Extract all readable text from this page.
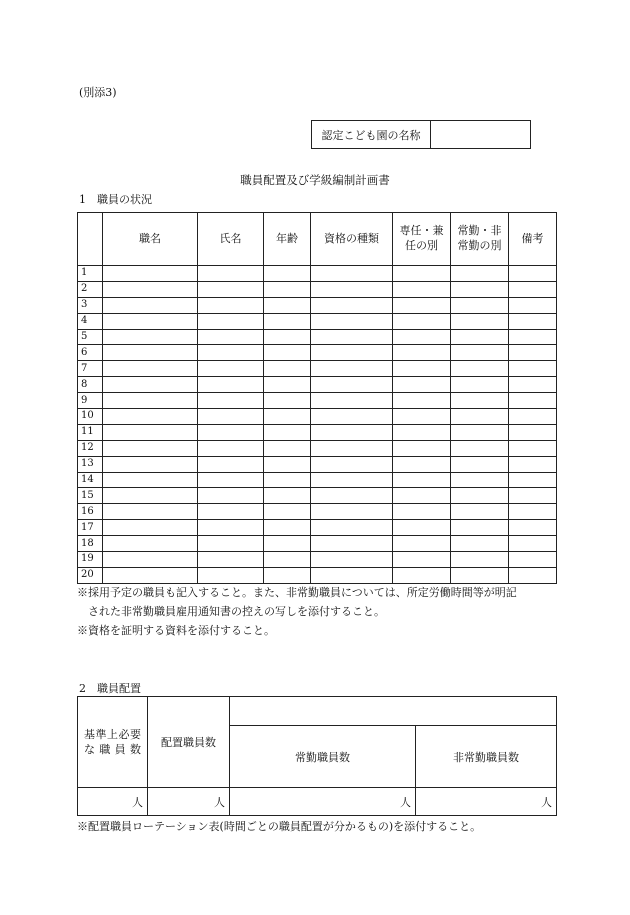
(別添3)
認定こども園の名称	
職員配置及び学級編制計画書
1　職員の状況
	職名	氏名	年齢	資格の種類	専任・兼任の別	常勤・非常勤の別	備考
1							
2							
3							
4							
5							
6							
7							
8							
9							
10							
11							
12							
13							
14							
15							
16							
17							
18							
19							
20							
※採用予定の職員も記入すること。また、非常勤職員については、所定労働時間等が明記
された非常勤職員雇用通知書の控えの写しを添付すること。
※資格を証明する資料を添付すること。
2　職員配置
基準上必要な職員数	配置職員数		
		常勤職員数	非常勤職員数
人	人	人	人
※配置職員ローテーション表(時間ごとの職員配置が分かるもの)を添付すること。
